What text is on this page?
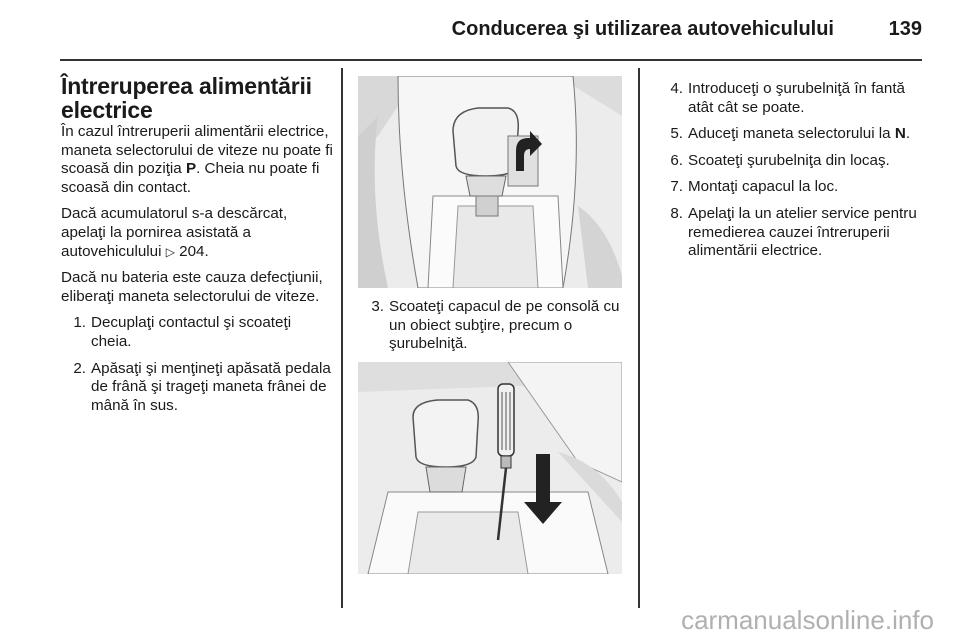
Conducerea şi utilizarea autovehiculului	139
Întreruperea alimentării electrice

În cazul întreruperii alimentării electrice, maneta selectorului de viteze nu poate fi scoasă din poziţia P. Cheia nu poate fi scoasă din contact.

Dacă acumulatorul s-a descărcat, apelaţi la pornirea asistată a autovehiculului ▷ 204.

Dacă nu bateria este cauza defecţiunii, eliberaţi maneta selectorului de viteze.

1. Decuplaţi contactul şi scoateţi cheia.
2. Apăsaţi şi menţineţi apăsată pedala de frână şi trageţi maneta frânei de mână în sus.
3. Scoateţi capacul de pe consolă cu un obiect subţire, precum o şurubelniţă.
4. Introduceţi o şurubelniţă în fantă atât cât se poate.
5. Aduceţi maneta selectorului la N.
6. Scoateţi şurubelniţa din locaş.
7. Montaţi capacul la loc.
8. Apelaţi la un atelier service pentru remedierea cauzei întreruperii alimentării electrice.
carmanualsonline.info
